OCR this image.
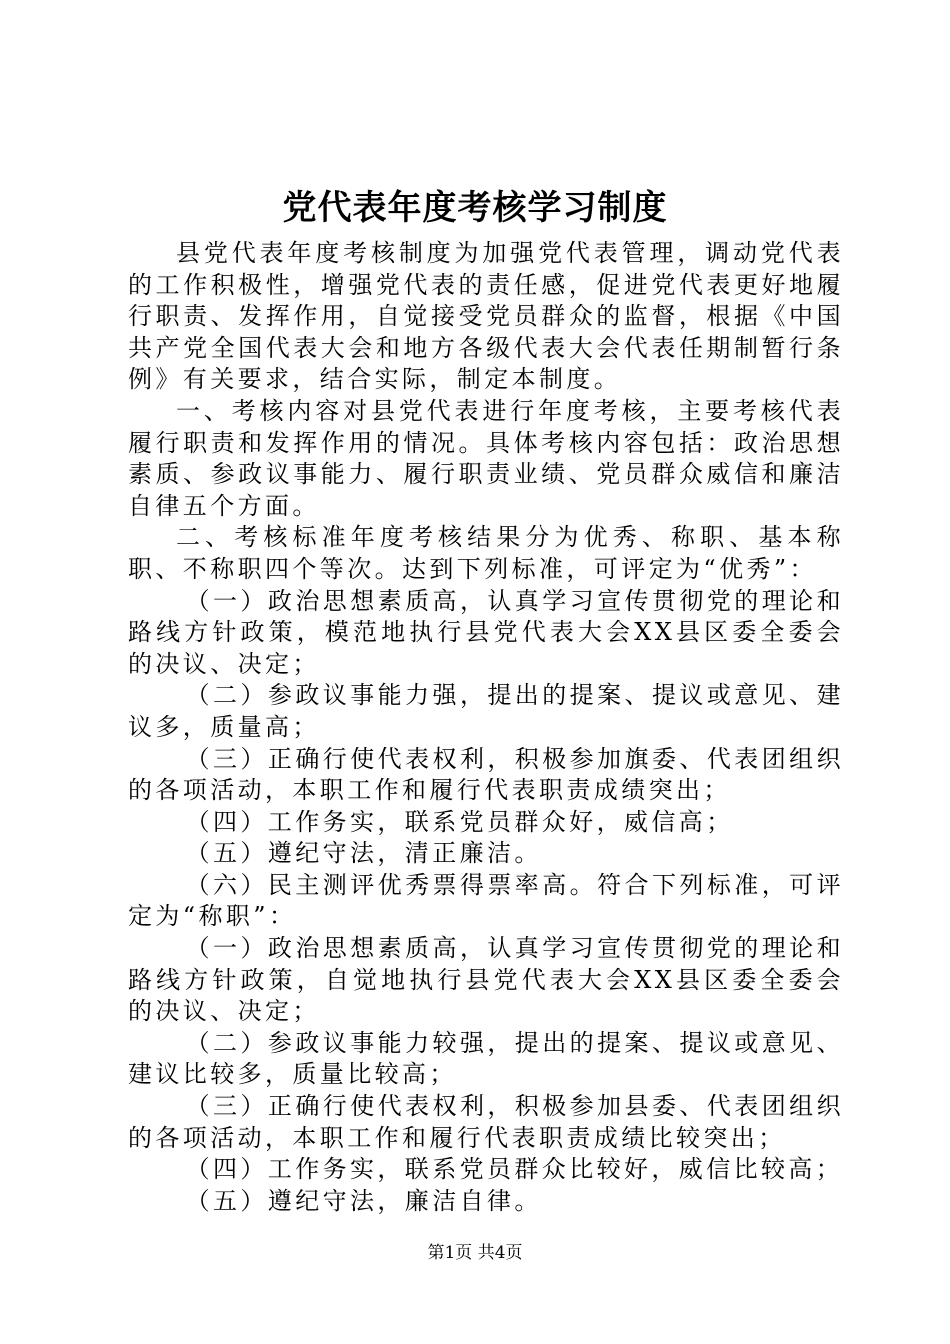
党代表年度考核学习制度

县党代表年度考核制度为加强党代表管理，调动党代表的工作积极性，增强党代表的责任感，促进党代表更好地履行职责、发挥作用，自觉接受党员群众的监督，根据《中国共产党全国代表大会和地方各级代表大会代表任期制暂行条例》有关要求，结合实际，制定本制度。

一、考核内容对县党代表进行年度考核，主要考核代表履行职责和发挥作用的情况。具体考核内容包括：政治思想素质、参政议事能力、履行职责业绩、党员群众威信和廉洁自律五个方面。

二、考核标准年度考核结果分为优秀、称职、基本称职、不称职四个等次。达到下列标准，可评定为“优秀”：

（一）政治思想素质高，认真学习宣传贯彻党的理论和路线方针政策，模范地执行县党代表大会XX县区委全委会的决议、决定；

（二）参政议事能力强，提出的提案、提议或意见、建议多，质量高；

（三）正确行使代表权利，积极参加旗委、代表团组织的各项活动，本职工作和履行代表职责成绩突出；

（四）工作务实，联系党员群众好，威信高；

（五）遵纪守法，清正廉洁。

（六）民主测评优秀票得票率高。符合下列标准，可评定为“称职”：

（一）政治思想素质高，认真学习宣传贯彻党的理论和路线方针政策，自觉地执行县党代表大会XX县区委全委会的决议、决定；

（二）参政议事能力较强，提出的提案、提议或意见、建议比较多，质量比较高；

（三）正确行使代表权利，积极参加县委、代表团组织的各项活动，本职工作和履行代表职责成绩比较突出；

（四）工作务实，联系党员群众比较好，威信比较高；

（五）遵纪守法，廉洁自律。

第1页 共4页
